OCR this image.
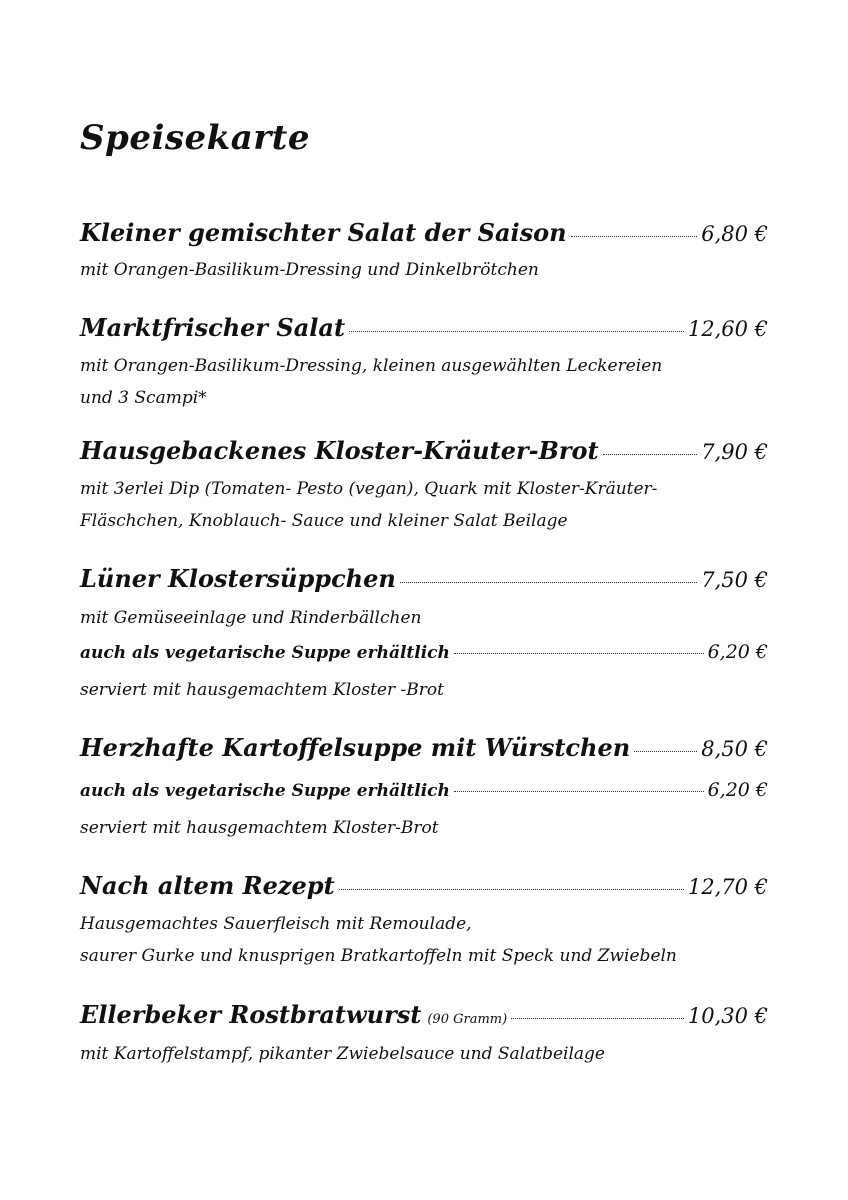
Speisekarte
Kleiner gemischter Salat der Saison	6,80 €
mit Orangen-Basilikum-Dressing und Dinkelbrötchen
Marktfrischer Salat	12,60 €
mit Orangen-Basilikum-Dressing, kleinen ausgewählten Leckereien
und 3 Scampi*
Hausgebackenes Kloster-Kräuter-Brot	7,90 €
mit 3erlei Dip (Tomaten- Pesto (vegan), Quark mit Kloster-Kräuter-
Fläschchen, Knoblauch- Sauce und kleiner Salat Beilage
Lüner Klostersüppchen	7,50 €
mit Gemüseeinlage und Rinderbällchen
auch als vegetarische Suppe erhältlich	6,20 €
serviert mit hausgemachtem Kloster -Brot
Herzhafte Kartoffelsuppe mit Würstchen	8,50 €
auch als vegetarische Suppe erhältlich	6,20 €
serviert mit hausgemachtem Kloster-Brot
Nach altem Rezept	12,70 €
Hausgemachtes Sauerfleisch mit Remoulade,
saurer Gurke und knusprigen Bratkartoffeln mit Speck und Zwiebeln
Ellerbeker Rostbratwurst (90 Gramm)	10,30 €
mit Kartoffelstampf, pikanter Zwiebelsauce und Salatbeilage
